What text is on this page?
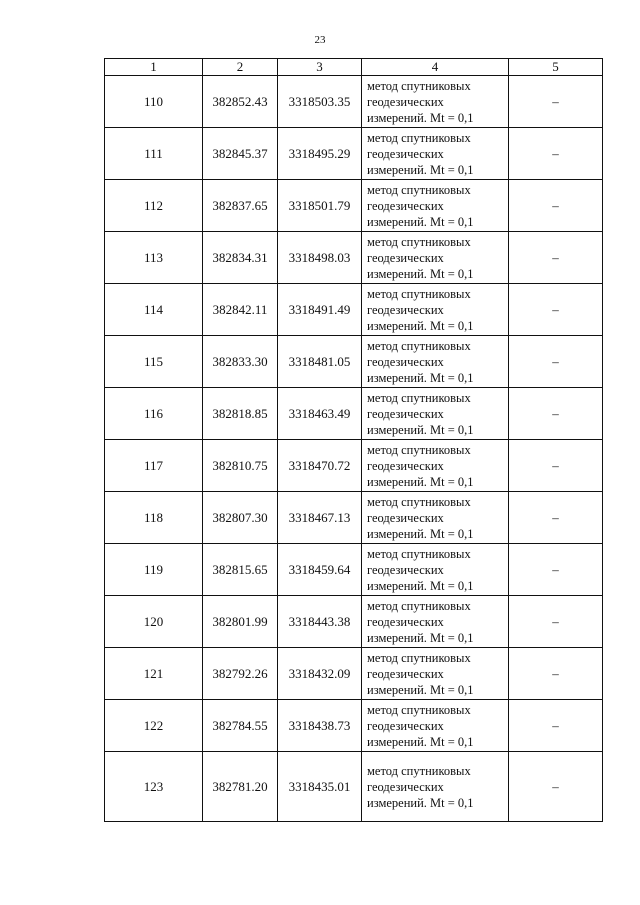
23
1	2	3	4	5
110	382852.43	3318503.35	метод спутниковых
геодезических
измерений. Mt = 0,1	–
111	382845.37	3318495.29	метод спутниковых
геодезических
измерений. Mt = 0,1	–
112	382837.65	3318501.79	метод спутниковых
геодезических
измерений. Mt = 0,1	–
113	382834.31	3318498.03	метод спутниковых
геодезических
измерений. Mt = 0,1	–
114	382842.11	3318491.49	метод спутниковых
геодезических
измерений. Mt = 0,1	–
115	382833.30	3318481.05	метод спутниковых
геодезических
измерений. Mt = 0,1	–
116	382818.85	3318463.49	метод спутниковых
геодезических
измерений. Mt = 0,1	–
117	382810.75	3318470.72	метод спутниковых
геодезических
измерений. Mt = 0,1	–
118	382807.30	3318467.13	метод спутниковых
геодезических
измерений. Mt = 0,1	–
119	382815.65	3318459.64	метод спутниковых
геодезических
измерений. Mt = 0,1	–
120	382801.99	3318443.38	метод спутниковых
геодезических
измерений. Mt = 0,1	–
121	382792.26	3318432.09	метод спутниковых
геодезических
измерений. Mt = 0,1	–
122	382784.55	3318438.73	метод спутниковых
геодезических
измерений. Mt = 0,1	–
123	382781.20	3318435.01	метод спутниковых
геодезических
измерений. Mt = 0,1	–
